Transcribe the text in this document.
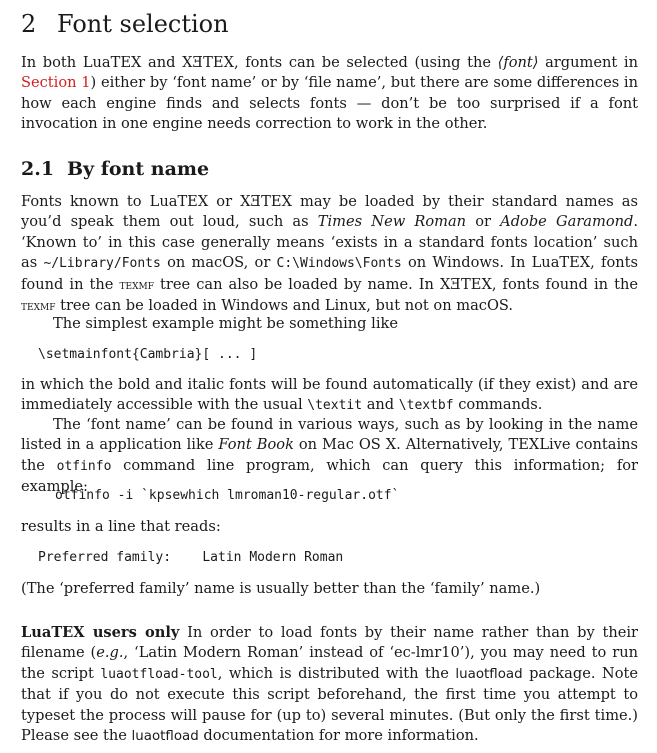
2 Font selection

In both LuaTEX and XƎTEX, fonts can be selected (using the ⟨font⟩ argument in Section 1) either by ‘font name’ or by ‘file name’, but there are some differences in how each engine finds and selects fonts — don’t be too surprised if a font invocation in one engine needs correction to work in the other.

2.1 By font name

Fonts known to LuaTEX or XƎTEX may be loaded by their standard names as you’d speak them out loud, such as Times New Roman or Adobe Garamond. ‘Known to’ in this case generally means ‘exists in a standard fonts location’ such as ~/Library/Fonts on macOS, or C:\Windows\Fonts on Windows. In LuaTEX, fonts found in the texmf tree can also be loaded by name. In XƎTEX, fonts found in the texmf tree can be loaded in Windows and Linux, but not on macOS.

The simplest example might be something like

\setmainfont{Cambria}[ ... ]

in which the bold and italic fonts will be found automatically (if they exist) and are immediately accessible with the usual \textit and \textbf commands.

The ‘font name’ can be found in various ways, such as by looking in the name listed in a application like Font Book on Mac OS X. Alternatively, TEXLive contains the otfinfo command line program, which can query this information; for example:

otfinfo -i `kpsewhich lmroman10-regular.otf`

results in a line that reads:

Preferred family:    Latin Modern Roman

(The ‘preferred family’ name is usually better than the ‘family’ name.)

LuaTEX users only In order to load fonts by their name rather than by their filename (e.g., ‘Latin Modern Roman’ instead of ‘ec-lmr10’), you may need to run the script luaotfload-tool, which is distributed with the luaotfload package. Note that if you do not execute this script beforehand, the first time you attempt to typeset the process will pause for (up to) several minutes. (But only the first time.) Please see the luaotfload documentation for more information.
